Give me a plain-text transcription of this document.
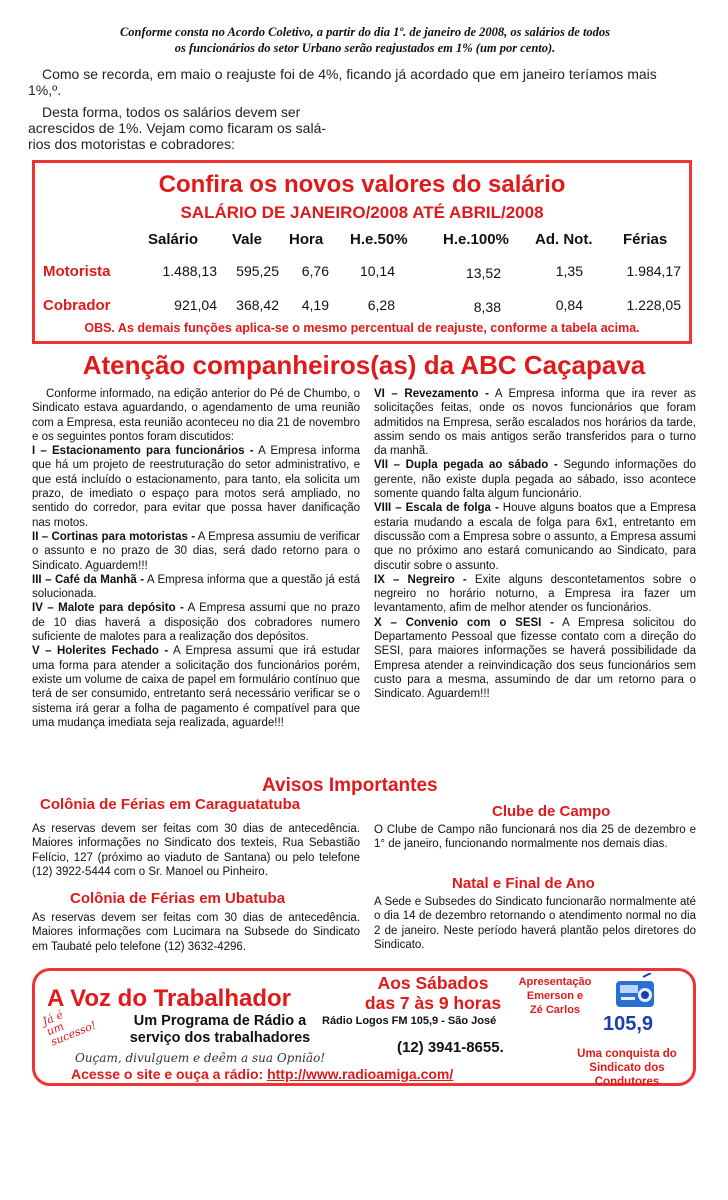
Conforme consta no Acordo Coletivo, a partir do dia 1º. de janeiro de 2008, os salários de todos
os funcionários do setor Urbano serão reajustados em 1% (um por cento).
Como se recorda, em maio o reajuste foi de 4%, ficando já acordado que em janeiro teríamos mais
1%,º.
Desta forma, todos os salários devem ser
acrescidos de 1%. Vejam como ficaram os salá-
rios dos motoristas e cobradores:
Confira os novos valores do salário
SALÁRIO DE JANEIRO/2008 ATÉ ABRIL/2008
Salário Vale Hora H.e.50% H.e.100% Ad. Not. Férias
Motorista	1.488,13	595,25	6,76	10,14	13,52	1,35	1.984,17
Cobrador	921,04	368,42	4,19	6,28	8,38	0,84	1.228,05
OBS. As demais funções aplica-se o mesmo percentual de reajuste, conforme a tabela acima.
Atenção companheiros(as) da ABC Caçapava

Conforme informado, na edição anterior do Pé de Chumbo, o Sindicato estava aguardando, o agendamento de uma reunião com a Empresa, esta reunião aconteceu no dia 21 de novembro e os seguintes pontos foram discutidos:

I – Estacionamento para funcionários - A Empresa informa que há um projeto de reestruturação do setor administrativo, e que está incluído o estacionamento, para tanto, ela solicita um prazo, de imediato o espaço para motos será ampliado, no sentido do corredor, para evitar que possa haver danificação nas motos.

II – Cortinas para motoristas - A Empresa assumiu de verificar o assunto e no prazo de 30 dias, será dado retorno para o Sindicato. Aguardem!!!

III – Café da Manhã - A Empresa informa que a questão já está solucionada.

IV – Malote para depósito - A Empresa assumi que no prazo de 10 dias haverá a disposição dos cobradores numero suficiente de malotes para a realização dos depósitos.

V – Holerites Fechado - A Empresa assumi que irá estudar uma forma para atender a solicitação dos funcionários porém, existe um volume de caixa de papel em formulário contínuo que terá de ser consumido, entretanto será necessário verificar se o sistema irá gerar a folha de pagamento é compatível para que uma mudança imediata seja realizada, aguarde!!!

VI – Revezamento - A Empresa informa que ira rever as solicitações feitas, onde os novos funcionários que foram admitidos na Empresa, serão escalados nos horários da tarde, assim sendo os mais antigos serão transferidos para o turno da manhã.

VII – Dupla pegada ao sábado - Segundo informações do gerente, não existe dupla pegada ao sábado, isso acontece somente quando falta algum funcionário.

VIII – Escala de folga - Houve alguns boatos que a Empresa estaria mudando a escala de folga para 6x1, entretanto em discussão com a Empresa sobre o assunto, a Empresa assumi que no próximo ano estará comunicando ao Sindicato, para discutir sobre o assunto.

IX – Negreiro - Exite alguns descontetamentos sobre o negreiro no horário noturno, a Empresa ira fazer um levantamento, afim de melhor atender os funcionários.

X – Convenio com o SESI - A Empresa solicitou do Departamento Pessoal que fizesse contato com a direção do SESI, para maiores informações se haverá possibilidade da Empresa atender a reinvindicação dos seus funcionários sem custo para a mesma, assumindo de dar um retorno para o Sindicato. Aguardem!!!

Avisos Importantes
Colônia de Férias em Caraguatatuba
As reservas devem ser feitas com 30 dias de antecedência. Maiores informações no Sindicato dos texteis, Rua Sebastião Felício, 127 (próximo ao viaduto de Santana) ou pelo telefone (12) 3922-5444 com o Sr. Manoel ou Pinheiro.
Colônia de Férias em Ubatuba
As reservas devem ser feitas com 30 dias de antecedência. Maiores informações com Lucimara na Subsede do Sindicato em Taubaté pelo telefone (12) 3632-4296.
Clube de Campo
O Clube de Campo não funcionará nos dia 25 de dezembro e 1° de janeiro, funcionando normalmente nos demais dias.
Natal e Final de Ano
A Sede e Subsedes do Sindicato funcionarão normalmente até o dia 14 de dezembro retornando o atendimento normal no dia 2 de janeiro. Neste período haverá plantão pelos diretores do Sindicato.
A Voz do Trabalhador
Já é um sucesso!	Um Programa de Rádio a
serviço dos trabalhadores
Ouçam, divulguem e deêm a sua Opnião!
Acesse o site e ouça a rádio: http://www.radioamiga.com/
Aos Sábados
das 7 às 9 horas
Rádio Logos FM 105,9 - São José
(12) 3941-8655.
Apresentação
Emerson e
Zé Carlos
105,9
Uma conquista do
Sindicato dos Condutores
